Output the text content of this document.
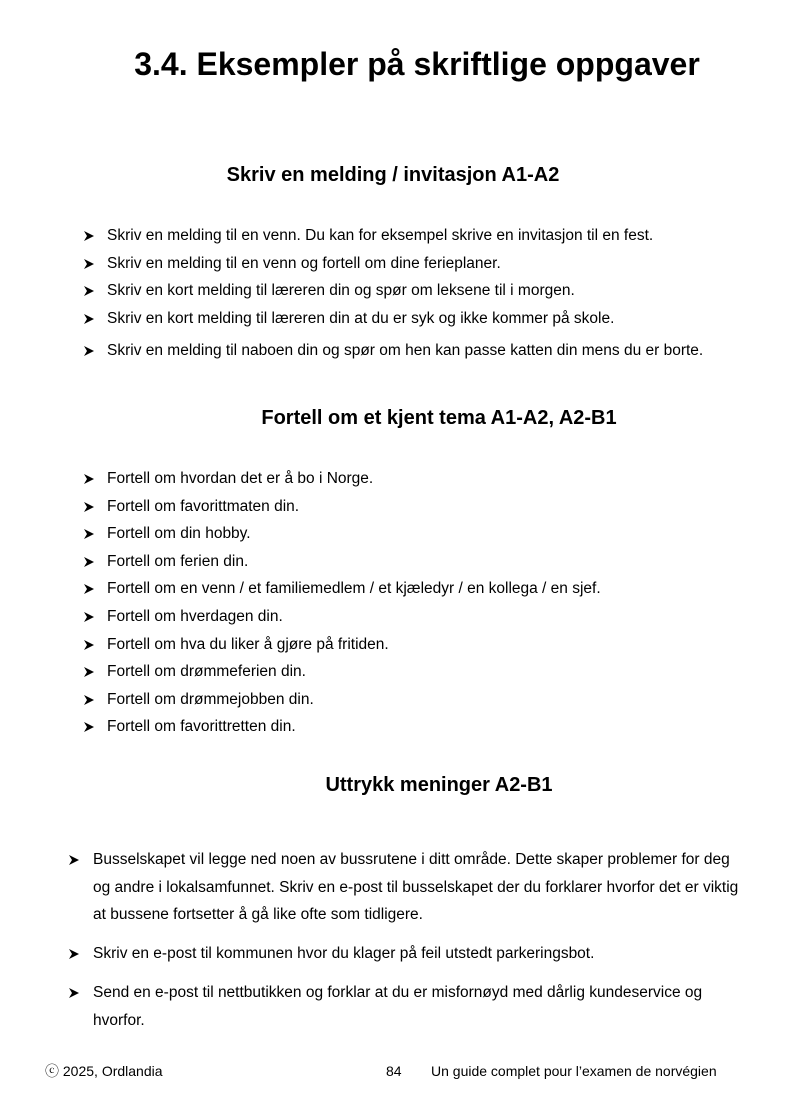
3.4. Eksempler på skriftlige oppgaver
Skriv en melding / invitasjon A1-A2
Skriv en melding til en venn. Du kan for eksempel skrive en invitasjon til en fest.
Skriv en melding til en venn og fortell om dine ferieplaner.
Skriv en kort melding til læreren din og spør om leksene til i morgen.
Skriv en kort melding til læreren din at du er syk og ikke kommer på skole.
Skriv en melding til naboen din og spør om hen kan passe katten din mens du er borte.
Fortell om et kjent tema A1-A2, A2-B1
Fortell om hvordan det er å bo i Norge.
Fortell om favorittmaten din.
Fortell om din hobby.
Fortell om ferien din.
Fortell om en venn / et familiemedlem / et kjæledyr / en kollega / en sjef.
Fortell om hverdagen din.
Fortell om hva du liker å gjøre på fritiden.
Fortell om drømmeferien din.
Fortell om drømmejobben din.
Fortell om favorittretten din.
Uttrykk meninger A2-B1
Busselskapet vil legge ned noen av bussrutene i ditt område. Dette skaper problemer for deg og andre i lokalsamfunnet. Skriv en e-post til busselskapet der du forklarer hvorfor det er viktig at bussene fortsetter å gå like ofte som tidligere.
Skriv en e-post til kommunen hvor du klager på feil utstedt parkeringsbot.
Send en e-post til nettbutikken og forklar at du er misfornøyd med dårlig kundeservice og hvorfor.
ⓒ 2025, Ordlandia	84 Un guide complet pour l’examen de norvégien
